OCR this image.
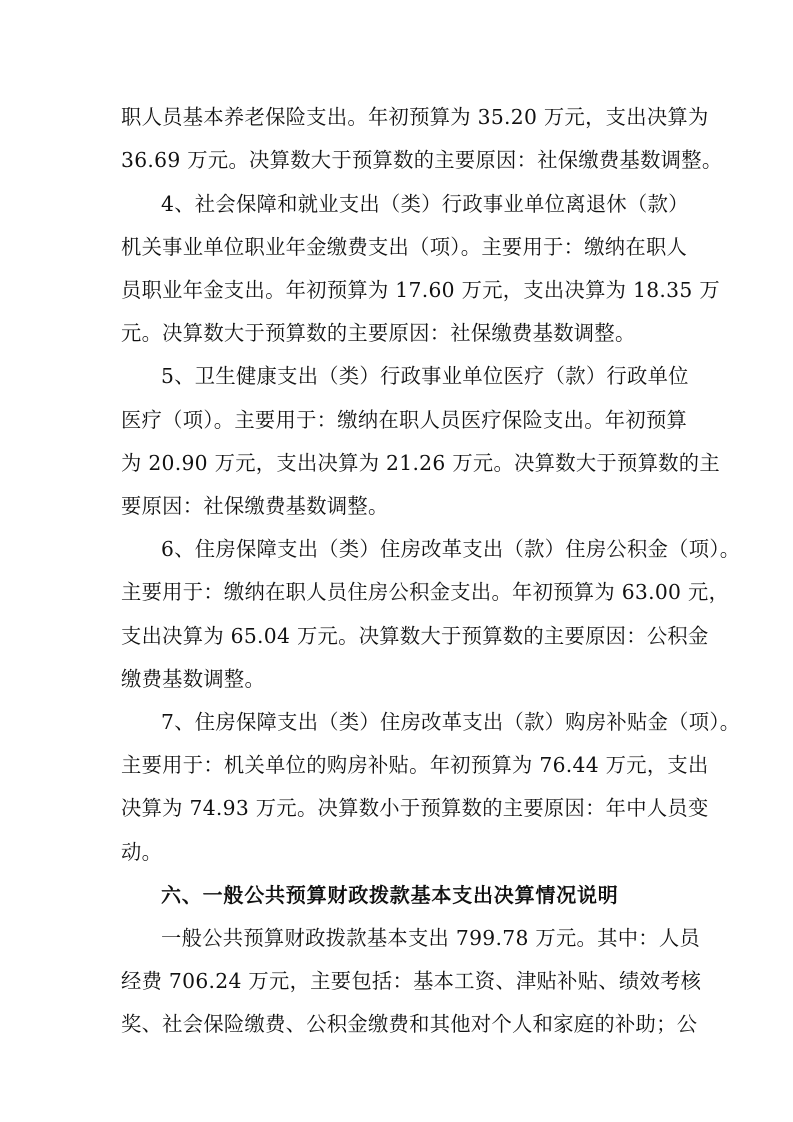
职人员基本养老保险支出。年初预算为 35.20 万元，支出决算为
36.69 万元。决算数大于预算数的主要原因：社保缴费基数调整。
4、社会保障和就业支出（类）行政事业单位离退休（款）
机关事业单位职业年金缴费支出（项）。主要用于：缴纳在职人
员职业年金支出。年初预算为 17.60 万元，支出决算为 18.35 万
元。决算数大于预算数的主要原因：社保缴费基数调整。
5、卫生健康支出（类）行政事业单位医疗（款）行政单位
医疗（项）。主要用于：缴纳在职人员医疗保险支出。年初预算
为 20.90 万元，支出决算为 21.26 万元。决算数大于预算数的主
要原因：社保缴费基数调整。
6、住房保障支出（类）住房改革支出（款）住房公积金（项）。
主要用于：缴纳在职人员住房公积金支出。年初预算为 63.00 元，
支出决算为 65.04 万元。决算数大于预算数的主要原因：公积金
缴费基数调整。
7、住房保障支出（类）住房改革支出（款）购房补贴金（项）。
主要用于：机关单位的购房补贴。年初预算为 76.44 万元，支出
决算为 74.93 万元。决算数小于预算数的主要原因：年中人员变
动。
六、一般公共预算财政拨款基本支出决算情况说明
一般公共预算财政拨款基本支出 799.78 万元。其中：人员
经费 706.24 万元，主要包括：基本工资、津贴补贴、绩效考核
奖、社会保险缴费、公积金缴费和其他对个人和家庭的补助；公
